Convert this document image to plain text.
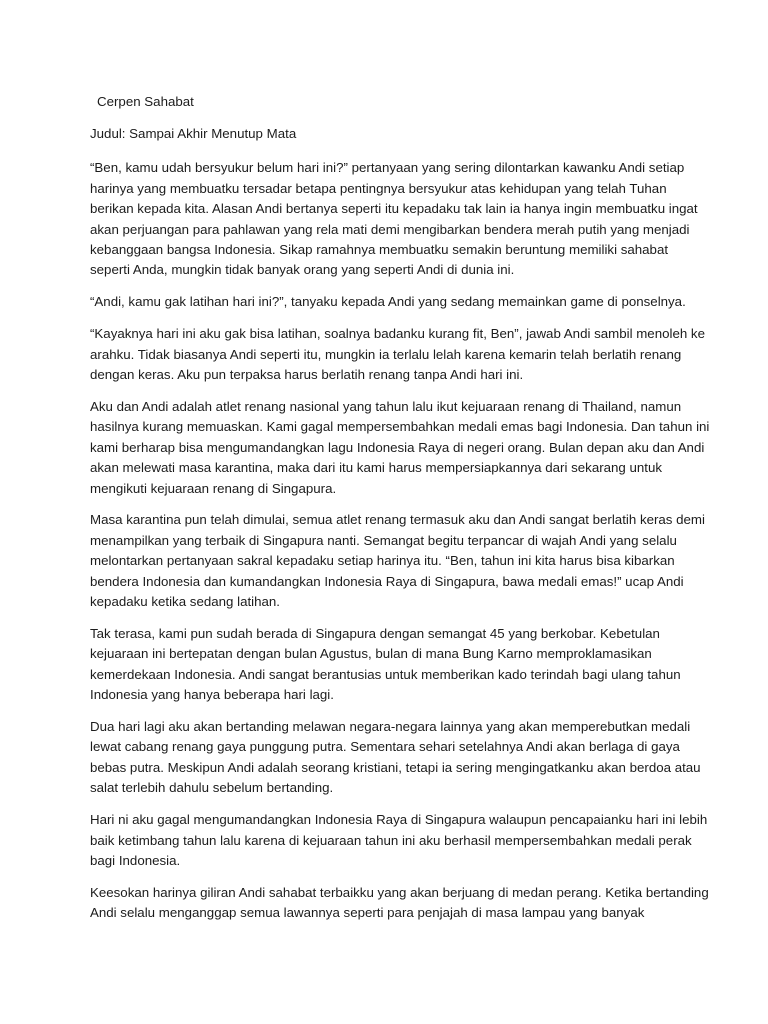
Cerpen Sahabat
Judul: Sampai Akhir Menutup Mata
“Ben, kamu udah bersyukur belum hari ini?” pertanyaan yang sering dilontarkan kawanku Andi setiap
harinya yang membuatku tersadar betapa pentingnya bersyukur atas kehidupan yang telah Tuhan
berikan kepada kita. Alasan Andi bertanya seperti itu kepadaku tak lain ia hanya ingin membuatku ingat
akan perjuangan para pahlawan yang rela mati demi mengibarkan bendera merah putih yang menjadi
kebanggaan bangsa Indonesia. Sikap ramahnya membuatku semakin beruntung memiliki sahabat
seperti Anda, mungkin tidak banyak orang yang seperti Andi di dunia ini.
“Andi, kamu gak latihan hari ini?”, tanyaku kepada Andi yang sedang memainkan game di ponselnya.
“Kayaknya hari ini aku gak bisa latihan, soalnya badanku kurang fit, Ben”, jawab Andi sambil menoleh ke
arahku. Tidak biasanya Andi seperti itu, mungkin ia terlalu lelah karena kemarin telah berlatih renang
dengan keras. Aku pun terpaksa harus berlatih renang tanpa Andi hari ini.
Aku dan Andi adalah atlet renang nasional yang tahun lalu ikut kejuaraan renang di Thailand, namun
hasilnya kurang memuaskan. Kami gagal mempersembahkan medali emas bagi Indonesia. Dan tahun ini
kami berharap bisa mengumandangkan lagu Indonesia Raya di negeri orang. Bulan depan aku dan Andi
akan melewati masa karantina, maka dari itu kami harus mempersiapkannya dari sekarang untuk
mengikuti kejuaraan renang di Singapura.
Masa karantina pun telah dimulai, semua atlet renang termasuk aku dan Andi sangat berlatih keras demi
menampilkan yang terbaik di Singapura nanti. Semangat begitu terpancar di wajah Andi yang selalu
melontarkan pertanyaan sakral kepadaku setiap harinya itu. “Ben, tahun ini kita harus bisa kibarkan
bendera Indonesia dan kumandangkan Indonesia Raya di Singapura, bawa medali emas!” ucap Andi
kepadaku ketika sedang latihan.
Tak terasa, kami pun sudah berada di Singapura dengan semangat 45 yang berkobar. Kebetulan
kejuaraan ini bertepatan dengan bulan Agustus, bulan di mana Bung Karno memproklamasikan
kemerdekaan Indonesia. Andi sangat berantusias untuk memberikan kado terindah bagi ulang tahun
Indonesia yang hanya beberapa hari lagi.
Dua hari lagi aku akan bertanding melawan negara-negara lainnya yang akan memperebutkan medali
lewat cabang renang gaya punggung putra. Sementara sehari setelahnya Andi akan berlaga di gaya
bebas putra. Meskipun Andi adalah seorang kristiani, tetapi ia sering mengingatkanku akan berdoa atau
salat terlebih dahulu sebelum bertanding.
Hari ni aku gagal mengumandangkan Indonesia Raya di Singapura walaupun pencapaianku hari ini lebih
baik ketimbang tahun lalu karena di kejuaraan tahun ini aku berhasil mempersembahkan medali perak
bagi Indonesia.
Keesokan harinya giliran Andi sahabat terbaikku yang akan berjuang di medan perang. Ketika bertanding
Andi selalu menganggap semua lawannya seperti para penjajah di masa lampau yang banyak
